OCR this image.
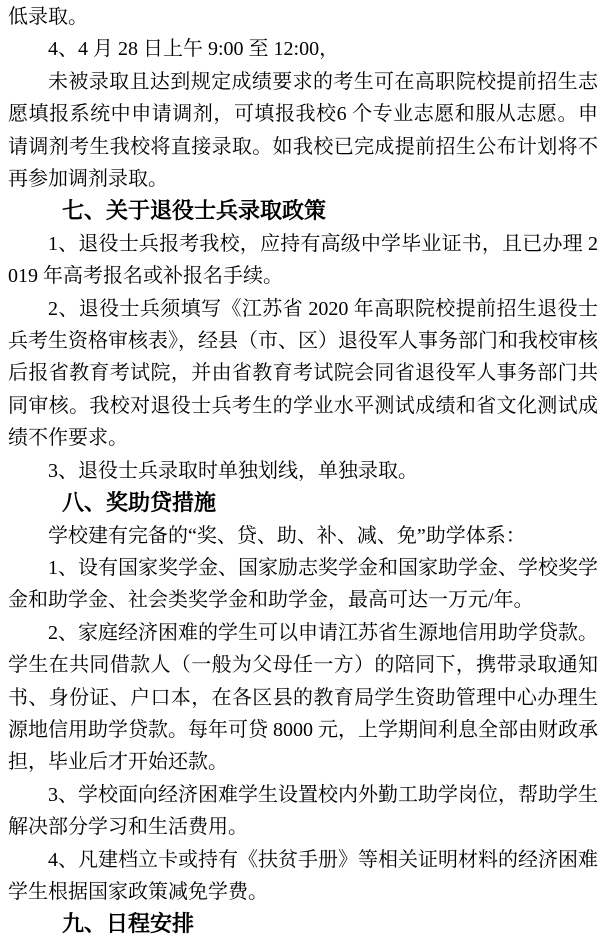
低录取。

4、4 月 28 日上午 9:00 至 12:00，

未被录取且达到规定成绩要求的考生可在高职院校提前招生志愿填报系统中申请调剂，可填报我校6 个专业志愿和服从志愿。申请调剂考生我校将直接录取。如我校已完成提前招生公布计划将不再参加调剂录取。

七、关于退役士兵录取政策

1、退役士兵报考我校，应持有高级中学毕业证书，且已办理 2019 年高考报名或补报名手续。

2、退役士兵须填写《江苏省 2020 年高职院校提前招生退役士兵考生资格审核表》，经县（市、区）退役军人事务部门和我校审核后报省教育考试院，并由省教育考试院会同省退役军人事务部门共同审核。我校对退役士兵考生的学业水平测试成绩和省文化测试成绩不作要求。

3、退役士兵录取时单独划线，单独录取。

八、奖助贷措施

学校建有完备的“奖、贷、助、补、减、免”助学体系：

1、设有国家奖学金、国家励志奖学金和国家助学金、学校奖学金和助学金、社会类奖学金和助学金，最高可达一万元/年。

2、家庭经济困难的学生可以申请江苏省生源地信用助学贷款。学生在共同借款人（一般为父母任一方）的陪同下，携带录取通知书、身份证、户口本，在各区县的教育局学生资助管理中心办理生源地信用助学贷款。每年可贷 8000 元，上学期间利息全部由财政承担，毕业后才开始还款。

3、学校面向经济困难学生设置校内外勤工助学岗位，帮助学生解决部分学习和生活费用。

4、凡建档立卡或持有《扶贫手册》等相关证明材料的经济困难学生根据国家政策减免学费。

九、日程安排
